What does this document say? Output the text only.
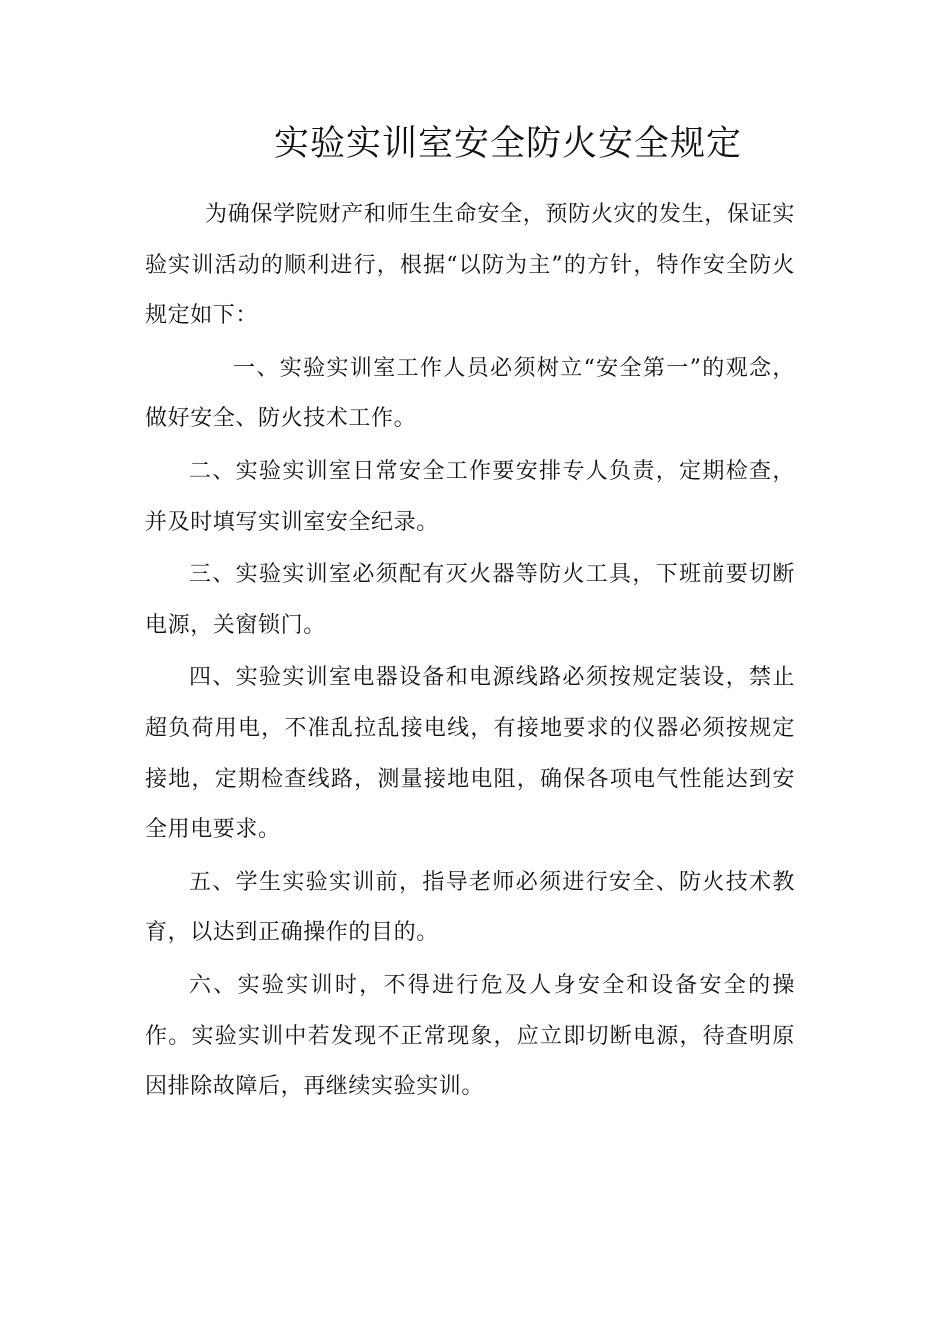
实验实训室安全防火安全规定

为确保学院财产和师生生命安全，预防火灾的发生，保证实验实训活动的顺利进行，根据“以防为主”的方针，特作安全防火规定如下：

一、实验实训室工作人员必须树立“安全第一”的观念，做好安全、防火技术工作。

二、实验实训室日常安全工作要安排专人负责，定期检查，并及时填写实训室安全纪录。

三、实验实训室必须配有灭火器等防火工具，下班前要切断电源，关窗锁门。

四、实验实训室电器设备和电源线路必须按规定装设，禁止超负荷用电，不准乱拉乱接电线，有接地要求的仪器必须按规定接地，定期检查线路，测量接地电阻，确保各项电气性能达到安全用电要求。

五、学生实验实训前，指导老师必须进行安全、防火技术教育，以达到正确操作的目的。

六、实验实训时，不得进行危及人身安全和设备安全的操作。实验实训中若发现不正常现象，应立即切断电源，待查明原因排除故障后，再继续实验实训。
